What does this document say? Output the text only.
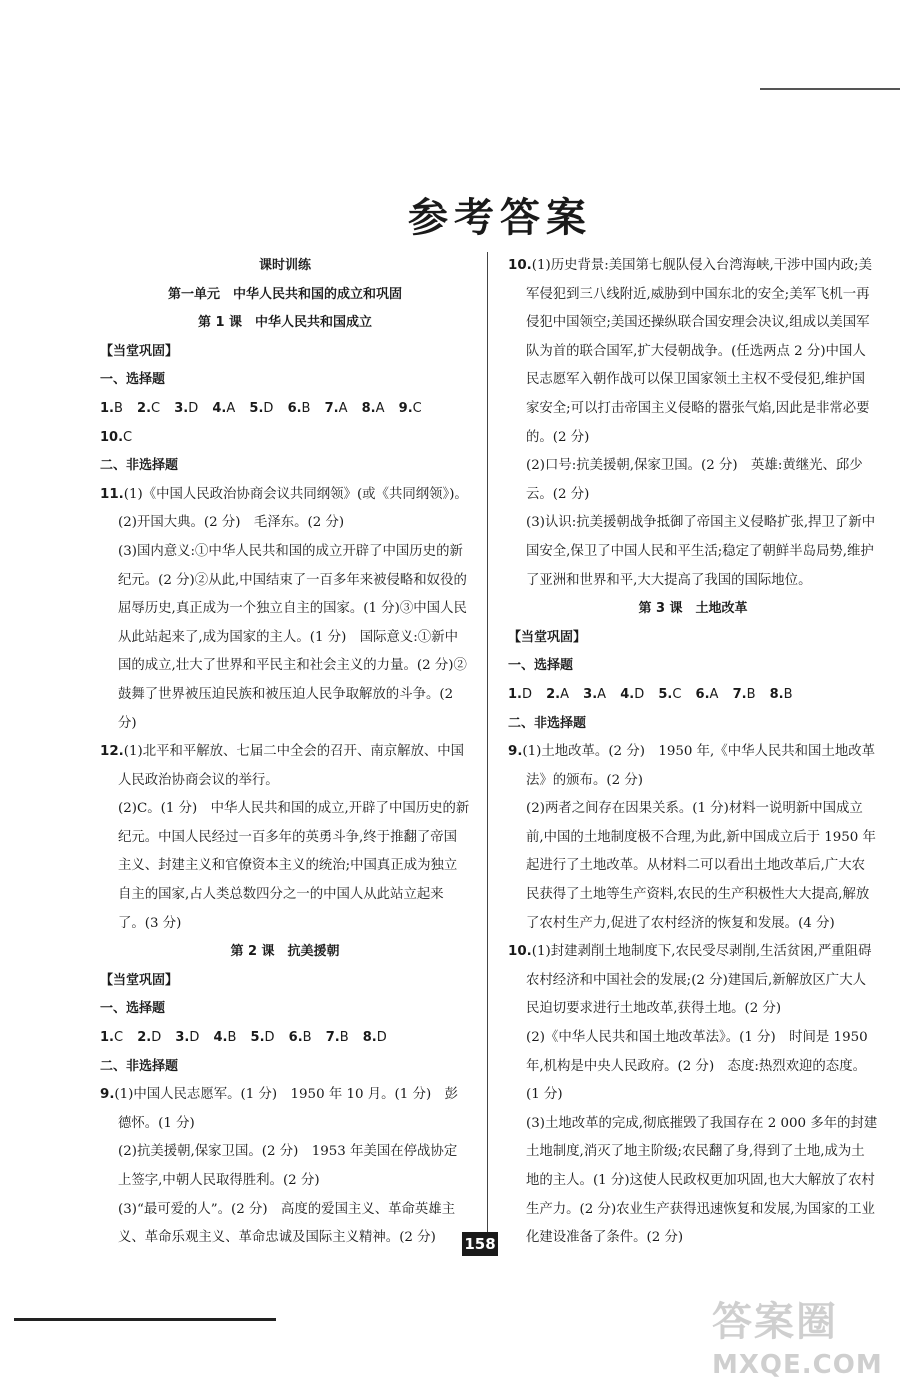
参考答案

课时训练

第一单元　中华人民共和国的成立和巩固

第 1 课　中华人民共和国成立

【当堂巩固】

一、选择题

1.B 2.C 3.D 4.A 5.D 6.B 7.A 8.A 9.C

10.C

二、非选择题

11.(1)《中国人民政治协商会议共同纲领》(或《共同纲领》)。

(2)开国大典。(2 分)　毛泽东。(2 分)

(3)国内意义:①中华人民共和国的成立开辟了中国历史的新纪元。(2 分)②从此,中国结束了一百多年来被侵略和奴役的屈辱历史,真正成为一个独立自主的国家。(1 分)③中国人民从此站起来了,成为国家的主人。(1 分)　国际意义:①新中国的成立,壮大了世界和平民主和社会主义的力量。(2 分)②鼓舞了世界被压迫民族和被压迫人民争取解放的斗争。(2 分)

12.(1)北平和平解放、七届二中全会的召开、南京解放、中国人民政治协商会议的举行。

(2)C。(1 分)　中华人民共和国的成立,开辟了中国历史的新纪元。中国人民经过一百多年的英勇斗争,终于推翻了帝国主义、封建主义和官僚资本主义的统治;中国真正成为独立自主的国家,占人类总数四分之一的中国人从此站立起来了。(3 分)

第 2 课　抗美援朝

【当堂巩固】

一、选择题

1.C 2.D 3.D 4.B 5.D 6.B 7.B 8.D

二、非选择题

9.(1)中国人民志愿军。(1 分)　1950 年 10 月。(1 分)　彭德怀。(1 分)

(2)抗美援朝,保家卫国。(2 分)　1953 年美国在停战协定上签字,中朝人民取得胜利。(2 分)

(3)“最可爱的人”。(2 分)　高度的爱国主义、革命英雄主义、革命乐观主义、革命忠诚及国际主义精神。(2 分)

10.(1)历史背景:美国第七舰队侵入台湾海峡,干涉中国内政;美军侵犯到三八线附近,威胁到中国东北的安全;美军飞机一再侵犯中国领空;美国还操纵联合国安理会决议,组成以美国军队为首的联合国军,扩大侵朝战争。(任选两点 2 分)中国人民志愿军入朝作战可以保卫国家领土主权不受侵犯,维护国家安全;可以打击帝国主义侵略的嚣张气焰,因此是非常必要的。(2 分)

(2)口号:抗美援朝,保家卫国。(2 分)　英雄:黄继光、邱少云。(2 分)

(3)认识:抗美援朝战争抵御了帝国主义侵略扩张,捍卫了新中国安全,保卫了中国人民和平生活;稳定了朝鲜半岛局势,维护了亚洲和世界和平,大大提高了我国的国际地位。

第 3 课　土地改革

【当堂巩固】

一、选择题

1.D 2.A 3.A 4.D 5.C 6.A 7.B 8.B

二、非选择题

9.(1)土地改革。(2 分)　1950 年,《中华人民共和国土地改革法》的颁布。(2 分)

(2)两者之间存在因果关系。(1 分)材料一说明新中国成立前,中国的土地制度极不合理,为此,新中国成立后于 1950 年起进行了土地改革。从材料二可以看出土地改革后,广大农民获得了土地等生产资料,农民的生产积极性大大提高,解放了农村生产力,促进了农村经济的恢复和发展。(4 分)

10.(1)封建剥削土地制度下,农民受尽剥削,生活贫困,严重阻碍农村经济和中国社会的发展;(2 分)建国后,新解放区广大人民迫切要求进行土地改革,获得土地。(2 分)

(2)《中华人民共和国土地改革法》。(1 分)　时间是 1950 年,机构是中央人民政府。(2 分)　态度:热烈欢迎的态度。(1 分)

(3)土地改革的完成,彻底摧毁了我国存在 2 000 多年的封建土地制度,消灭了地主阶级;农民翻了身,得到了土地,成为土地的主人。(1 分)这使人民政权更加巩固,也大大解放了农村生产力。(2 分)农业生产获得迅速恢复和发展,为国家的工业化建设准备了条件。(2 分)

158
答案圈
MXQE.COM
